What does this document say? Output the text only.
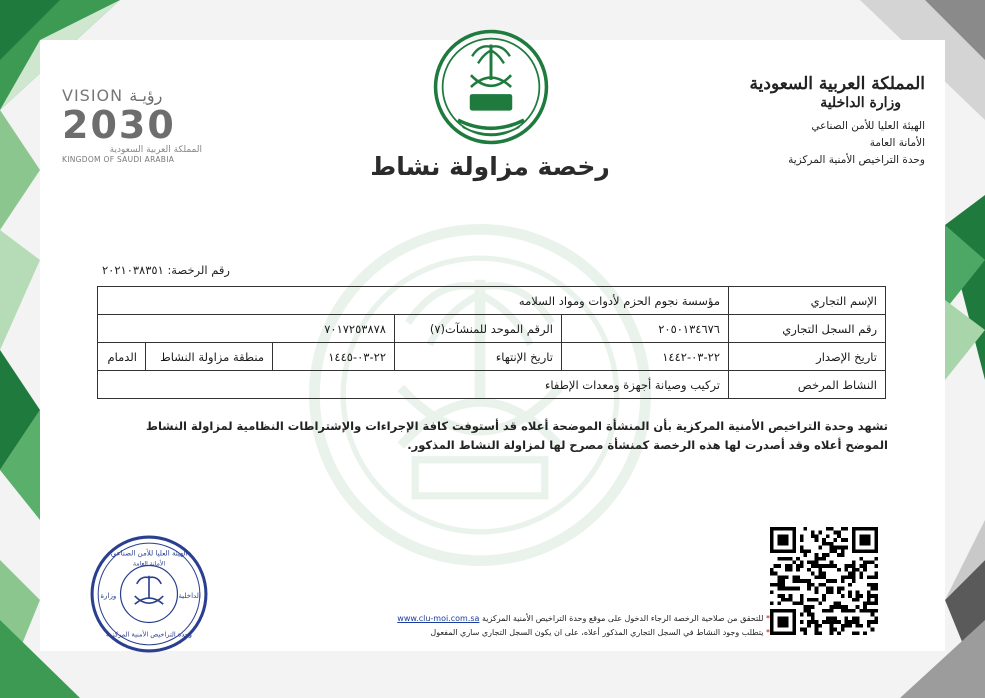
رخصة مزاولة نشاط
المملكة العربية السعودية
وزارة الداخلية
الهيئة العليا للأمن الصناعي
الأمانة العامة
وحدة التراخيص الأمنية المركزية
VISION رؤيـة
2030
المملكة العربية السعودية
KINGDOM OF SAUDI ARABIA
رقم الرخصة: ٢٠٢١٠٣٨٣٥١
الإسم التجاري	مؤسسة نجوم الحزم لأدوات ومواد السلامه				
رقم السجل التجاري	٢٠٥٠١٣٤٦٧٦	الرقم الموحد للمنشآت(٧)	٧٠١٧٢٥٣٨٧٨		
تاريخ الإصدار	٢٢-٠٣-١٤٤٢	تاريخ الإنتهاء	٢٢-٠٣-١٤٤٥	منطقة مزاولة النشاط	الدمام
النشاط المرخص	تركيب وصيانة أجهزة ومعدات الإطفاء				
تشهد وحدة التراخيص الأمنية المركزية بأن المنشأة الموضحة أعلاه قد أستوفت كافة الإجراءات والإشتراطات النظامية لمزاولة النشاط الموضح أعلاه وقد أصدرت لها هذه الرخصة كمنشأة مصرح لها لمزاولة النشاط المذكور.
الهيئة العليا للأمن الصناعي
الأمانة العامة
وزارة	الداخلية
وحدة التراخيص الأمنية المركزية
* للتحقق من صلاحية الرخصة الرجاء الدخول على موقع وحدة التراخيص الأمنية المركزية www.clu-moi.com.sa
* يتطلب وجود النشاط في السجل التجاري المذكور أعلاه، على ان يكون السجل التجاري ساري المفعول
